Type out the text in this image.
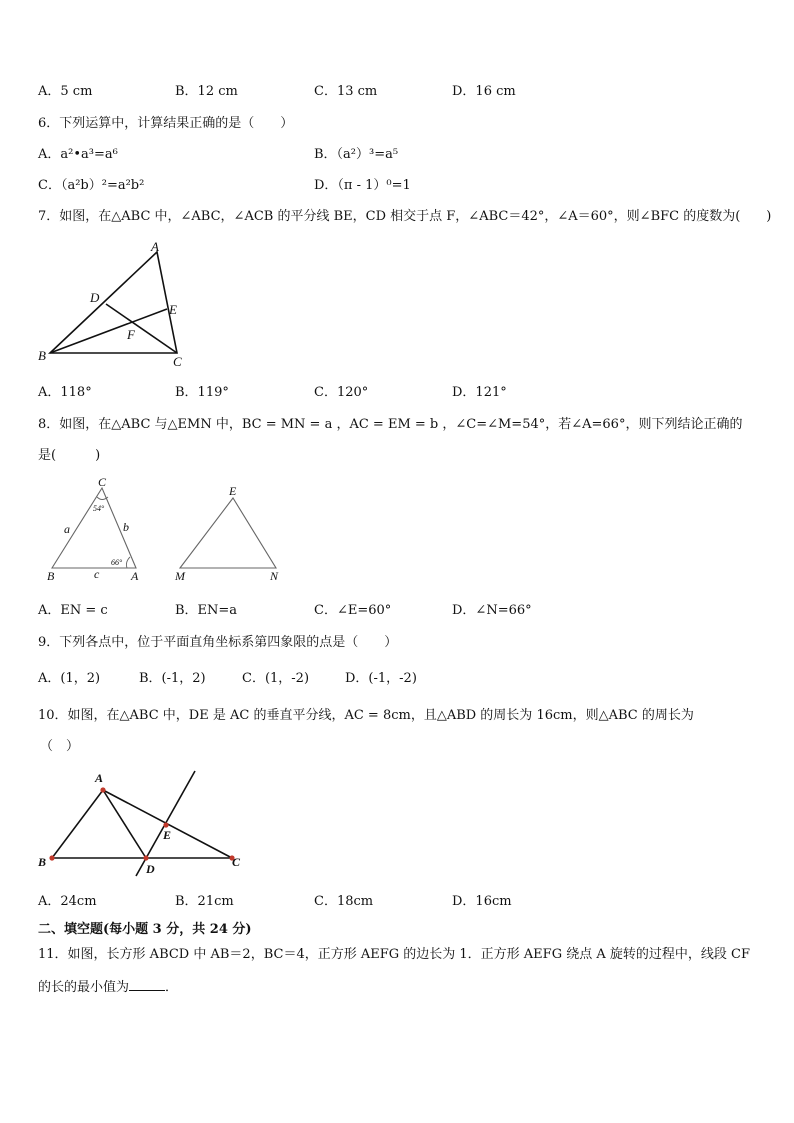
A．5 cm	B．12 cm	C．13 cm	D．16 cm
6．下列运算中，计算结果正确的是（　　）
A．a²•a³=a⁶	B．（a²）³=a⁵
C．（a²b）²=a²b²	D．（π - 1）⁰=1
7．如图，在△ABC 中，∠ABC，∠ACB 的平分线 BE，CD 相交于点 F，∠ABC＝42°，∠A＝60°，则∠BFC 的度数为(　　)
A
D
E
F
B	C
A．118°	B．119°	C．120°	D．121°
8．如图，在△ABC 与△EMN 中，BC = MN = a ，AC = EM = b ，∠C=∠M=54°，若∠A=66°，则下列结论正确的
是(　　　)
C
54°
a	b
66°
B	c	A
E
M	N
A．EN = c	B．EN=a	C．∠E=60°	D．∠N=66°
9．下列各点中，位于平面直角坐标系第四象限的点是（　　）
A．(1，2)	B．(-1，2)	C．(1，-2)	D．(-1，-2)
10．如图，在△ABC 中，DE 是 AC 的垂直平分线，AC = 8cm，且△ABD 的周长为 16cm，则△ABC 的周长为
（　）
A
E
B	D	C
A．24cm	B．21cm	C．18cm	D．16cm
二、填空题(每小题 3 分，共 24 分)
11．如图，长方形 ABCD 中 AB＝2，BC＝4，正方形 AEFG 的边长为 1．正方形 AEFG 绕点 A 旋转的过程中，线段 CF
的长的最小值为	．
